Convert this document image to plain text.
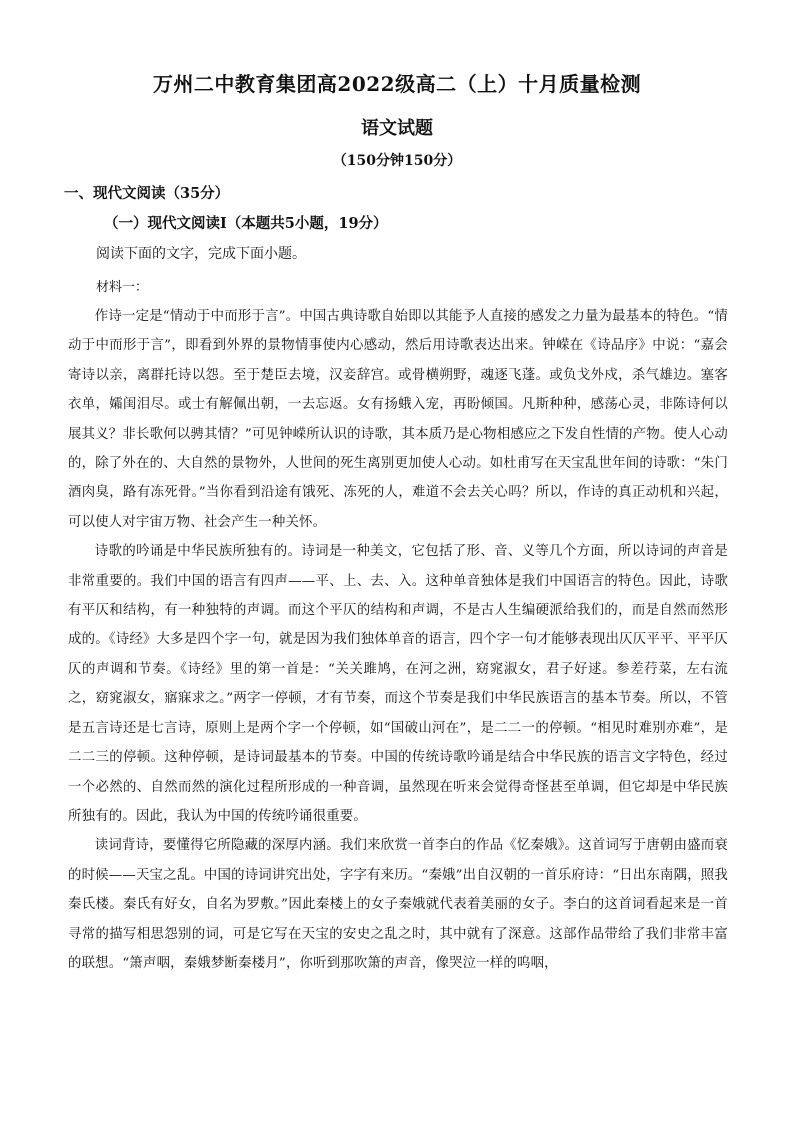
万州二中教育集团高2022级高二（上）十月质量检测
语文试题
（150分钟150分）
一、现代文阅读（35分）
（一）现代文阅读Ⅰ（本题共5小题，19分）
阅读下面的文字，完成下面小题。
材料一：

作诗一定是“情动于中而形于言”。中国古典诗歌自始即以其能予人直接的感发之力量为最基本的特色。“情动于中而形于言”，即看到外界的景物情事使内心感动，然后用诗歌表达出来。钟嵘在《诗品序》中说：“嘉会寄诗以亲，离群托诗以怨。至于楚臣去境，汉妾辞宫。或骨横朔野，魂逐飞蓬。或负戈外戍，杀气雄边。塞客衣单，孀闺泪尽。或士有解佩出朝，一去忘返。女有扬蛾入宠，再盼倾国。凡斯种种，感荡心灵，非陈诗何以展其义？非长歌何以骋其情？”可见钟嵘所认识的诗歌，其本质乃是心物相感应之下发自性情的产物。使人心动的，除了外在的、大自然的景物外，人世间的死生离别更加使人心动。如杜甫写在天宝乱世年间的诗歌：“朱门酒肉臭，路有冻死骨。”当你看到沿途有饿死、冻死的人，难道不会去关心吗？所以，作诗的真正动机和兴起，可以使人对宇宙万物、社会产生一种关怀。

诗歌的吟诵是中华民族所独有的。诗词是一种美文，它包括了形、音、义等几个方面，所以诗词的声音是非常重要的。我们中国的语言有四声——平、上、去、入。这种单音独体是我们中国语言的特色。因此，诗歌有平仄和结构，有一种独特的声调。而这个平仄的结构和声调，不是古人生编硬派给我们的，而是自然而然形成的。《诗经》大多是四个字一句，就是因为我们独体单音的语言，四个字一句才能够表现出仄仄平平、平平仄仄的声调和节奏。《诗经》里的第一首是：“关关雎鸠，在河之洲，窈窕淑女，君子好逑。参差荇菜，左右流之，窈窕淑女，寤寐求之。”两字一停顿，才有节奏，而这个节奏是我们中华民族语言的基本节奏。所以，不管是五言诗还是七言诗，原则上是两个字一个停顿，如“国破山河在”，是二二一的停顿。“相见时难别亦难”，是二二三的停顿。这种停顿，是诗词最基本的节奏。中国的传统诗歌吟诵是结合中华民族的语言文字特色，经过一个必然的、自然而然的演化过程所形成的一种音调，虽然现在听来会觉得奇怪甚至单调，但它却是中华民族所独有的。因此，我认为中国的传统吟诵很重要。

读词背诗，要懂得它所隐藏的深厚内涵。我们来欣赏一首李白的作品《忆秦娥》。这首词写于唐朝由盛而衰的时候——天宝之乱。中国的诗词讲究出处，字字有来历。“秦娥”出自汉朝的一首乐府诗：“日出东南隅，照我秦氏楼。秦氏有好女，自名为罗敷。”因此秦楼上的女子秦娥就代表着美丽的女子。李白的这首词看起来是一首寻常的描写相思怨别的词，可是它写在天宝的安史之乱之时，其中就有了深意。这部作品带给了我们非常丰富的联想。“箫声咽，秦娥梦断秦楼月”，你听到那吹箫的声音，像哭泣一样的呜咽，
